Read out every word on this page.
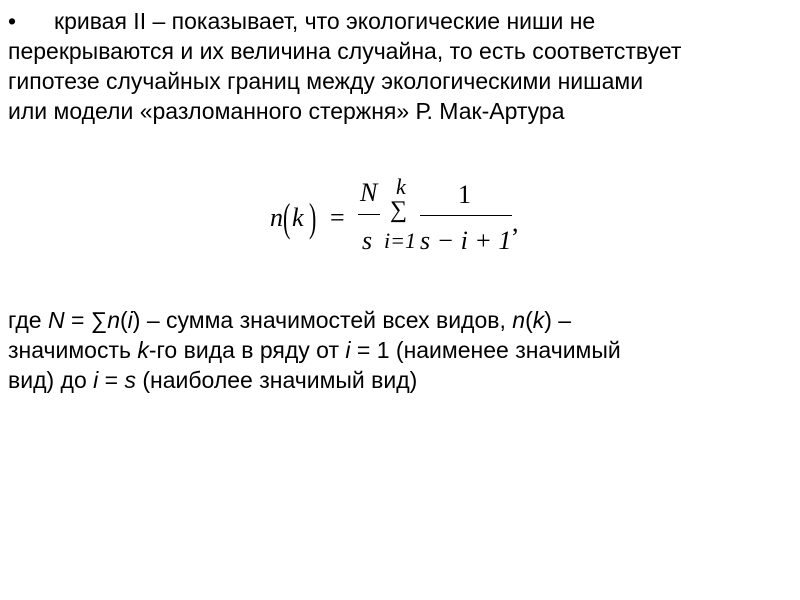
• кривая II – показывает, что экологические ниши не
перекрываются и их величина случайна, то есть соответствует
гипотезе случайных границ между экологическими нишами
или модели «разломанного стержня» Р. Мак-Артура
n ( k ) =
N
s
k
∑
i=1
1
s − i + 1
,
где N = ∑n(i) – сумма значимостей всех видов, n(k) –
значимость k-го вида в ряду от i = 1 (наименее значимый
вид) до i = s (наиболее значимый вид)
